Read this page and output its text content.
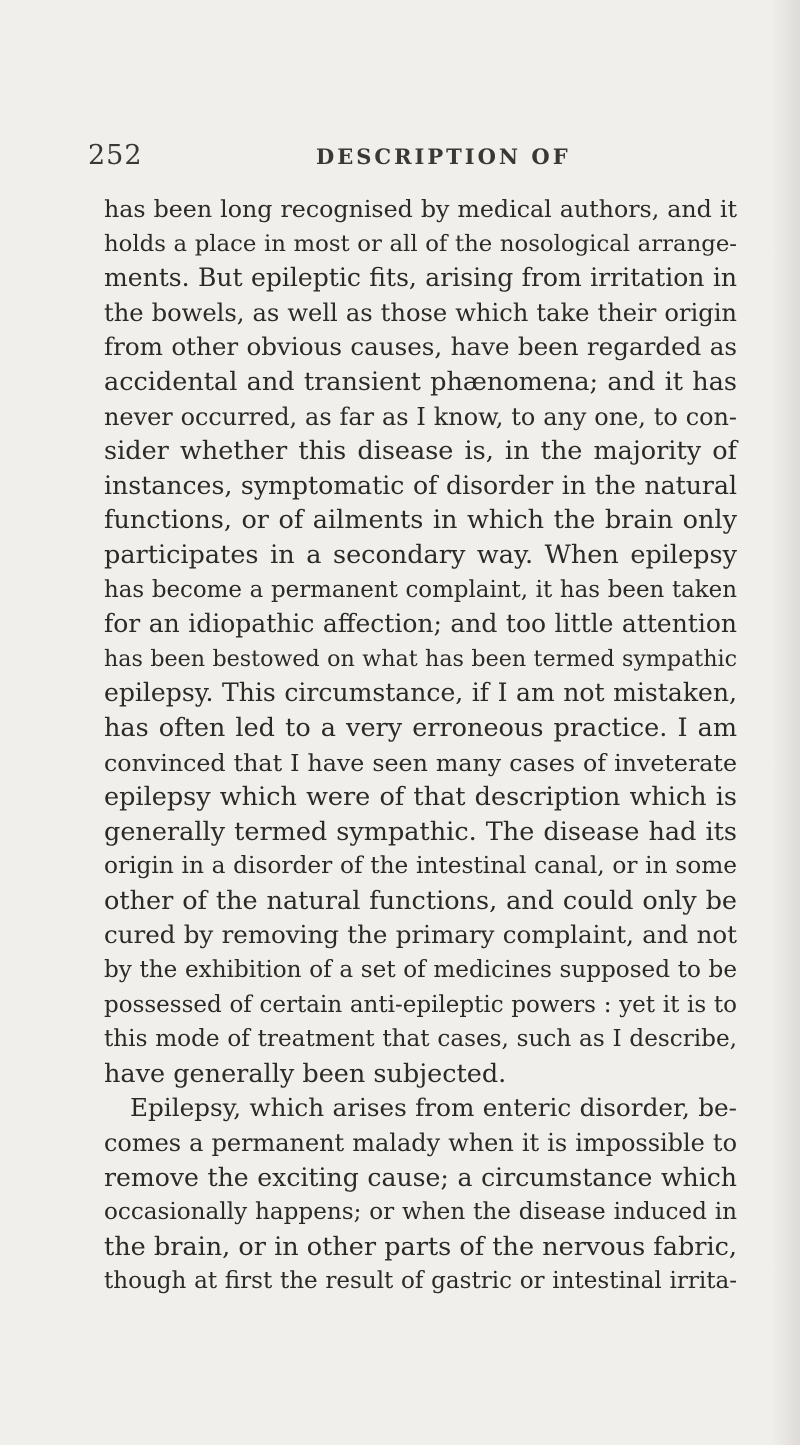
252	DESCRIPTION OF
has been long recognised by medical authors, and it
holds a place in most or all of the nosological arrange-
ments. But epileptic fits, arising from irritation in
the bowels, as well as those which take their origin
from other obvious causes, have been regarded as
accidental and transient phænomena; and it has
never occurred, as far as I know, to any one, to con-
sider whether this disease is, in the majority of
instances, symptomatic of disorder in the natural
functions, or of ailments in which the brain only
participates in a secondary way. When epilepsy
has become a permanent complaint, it has been taken
for an idiopathic affection; and too little attention
has been bestowed on what has been termed sympathic
epilepsy. This circumstance, if I am not mistaken,
has often led to a very erroneous practice. I am
convinced that I have seen many cases of inveterate
epilepsy which were of that description which is
generally termed sympathic. The disease had its
origin in a disorder of the intestinal canal, or in some
other of the natural functions, and could only be
cured by removing the primary complaint, and not
by the exhibition of a set of medicines supposed to be
possessed of certain anti-epileptic powers : yet it is to
this mode of treatment that cases, such as I describe,
have generally been subjected.
Epilepsy, which arises from enteric disorder, be-
comes a permanent malady when it is impossible to
remove the exciting cause; a circumstance which
occasionally happens; or when the disease induced in
the brain, or in other parts of the nervous fabric,
though at first the result of gastric or intestinal irrita-
